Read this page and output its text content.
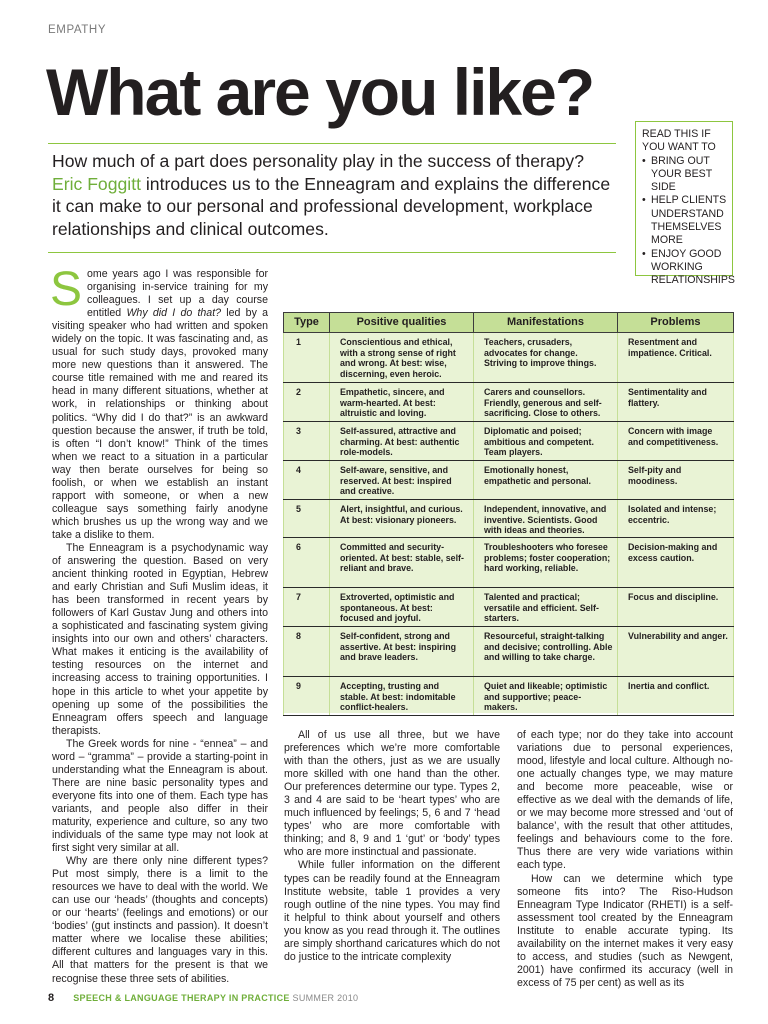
EMPATHY
What are you like?
READ THIS IF YOU WANT TO
• BRING OUT YOUR BEST SIDE
• HELP CLIENTS UNDERSTAND THEMSELVES MORE
• ENJOY GOOD WORKING RELATIONSHIPS

How much of a part does personality play in the success of therapy? Eric Foggitt introduces us to the Enneagram and explains the difference it can make to our personal and professional development, workplace relationships and clinical outcomes.

Some years ago I was responsible for organising in-service training for my colleagues. I set up a day course entitled Why did I do that? led by a visiting speaker who had written and spoken widely on the topic. It was fascinating and, as usual for such study days, provoked many more new questions than it answered. The course title remained with me and reared its head in many different situations, whether at work, in relationships or thinking about politics. “Why did I do that?” is an awkward question because the answer, if truth be told, is often “I don’t know!” Think of the times when we react to a situation in a particular way then berate ourselves for being so foolish, or when we establish an instant rapport with someone, or when a new colleague says something fairly anodyne which brushes us up the wrong way and we take a dislike to them.

The Enneagram is a psychodynamic way of answering the question. Based on very ancient thinking rooted in Egyptian, Hebrew and early Christian and Sufi Muslim ideas, it has been transformed in recent years by followers of Karl Gustav Jung and others into a sophisticated and fascinating system giving insights into our own and others’ characters. What makes it enticing is the availability of testing resources on the internet and increasing access to training opportunities. I hope in this article to whet your appetite by opening up some of the possibilities the Enneagram offers speech and language therapists.

The Greek words for nine - “ennea” – and word – “gramma” – provide a starting-point in understanding what the Enneagram is about. There are nine basic personality types and everyone fits into one of them. Each type has variants, and people also differ in their maturity, experience and culture, so any two individuals of the same type may not look at first sight very similar at all.

Why are there only nine different types? Put most simply, there is a limit to the resources we have to deal with the world. We can use our ‘heads’ (thoughts and concepts) or our ‘hearts’ (feelings and emotions) or our ‘bodies’ (gut instincts and passion). It doesn’t matter where we localise these abilities; different cultures and languages vary in this. All that matters for the present is that we recognise these three sets of abilities.

Type	Positive qualities	Manifestations	Problems
1	Conscientious and ethical, with a strong sense of right and wrong. At best: wise, discerning, even heroic.	Teachers, crusaders, advocates for change. Striving to improve things.	Resentment and impatience. Critical.
2	Empathetic, sincere, and warm-hearted. At best: altruistic and loving.	Carers and counsellors. Friendly, generous and self-sacrificing. Close to others.	Sentimentality and flattery.
3	Self-assured, attractive and charming. At best: authentic role-models.	Diplomatic and poised; ambitious and competent. Team players.	Concern with image and competitiveness.
4	Self-aware, sensitive, and reserved. At best: inspired and creative.	Emotionally honest, empathetic and personal.	Self-pity and moodiness.
5	Alert, insightful, and curious. At best: visionary pioneers.	Independent, innovative, and inventive. Scientists. Good with ideas and theories.	Isolated and intense; eccentric.
6	Committed and security-oriented. At best: stable, self-reliant and brave.	Troubleshooters who foresee problems; foster cooperation; hard working, reliable.	Decision-making and excess caution.
7	Extroverted, optimistic and spontaneous. At best: focused and joyful.	Talented and practical; versatile and efficient. Self-starters.	Focus and discipline.
8	Self-confident, strong and assertive. At best: inspiring and brave leaders.	Resourceful, straight-talking and decisive; controlling. Able and willing to take charge.	Vulnerability and anger.
9	Accepting, trusting and stable. At best: indomitable conflict-healers.	Quiet and likeable; optimistic and supportive; peace-makers.	Inertia and conflict.

All of us use all three, but we have preferences which we’re more comfortable with than the others, just as we are usually more skilled with one hand than the other. Our preferences determine our type. Types 2, 3 and 4 are said to be ‘heart types’ who are much influenced by feelings; 5, 6 and 7 ‘head types’ who are more comfortable with thinking; and 8, 9 and 1 ‘gut’ or ‘body’ types who are more instinctual and passionate.

While fuller information on the different types can be readily found at the Enneagram Institute website, table 1 provides a very rough outline of the nine types. You may find it helpful to think about yourself and others you know as you read through it. The outlines are simply shorthand caricatures which do not do justice to the intricate complexity

of each type; nor do they take into account variations due to personal experiences, mood, lifestyle and local culture. Although no-one actually changes type, we may mature and become more peaceable, wise or effective as we deal with the demands of life, or we may become more stressed and ‘out of balance’, with the result that other attitudes, feelings and behaviours come to the fore. Thus there are very wide variations within each type.

How can we determine which type someone fits into? The Riso-Hudson Enneagram Type Indicator (RHETI) is a self-assessment tool created by the Enneagram Institute to enable accurate typing. Its availability on the internet makes it very easy to access, and studies (such as Newgent, 2001) have confirmed its accuracy (well in excess of 75 per cent) as well as its

8 SPEECH & LANGUAGE THERAPY IN PRACTICE SUMMER 2010
